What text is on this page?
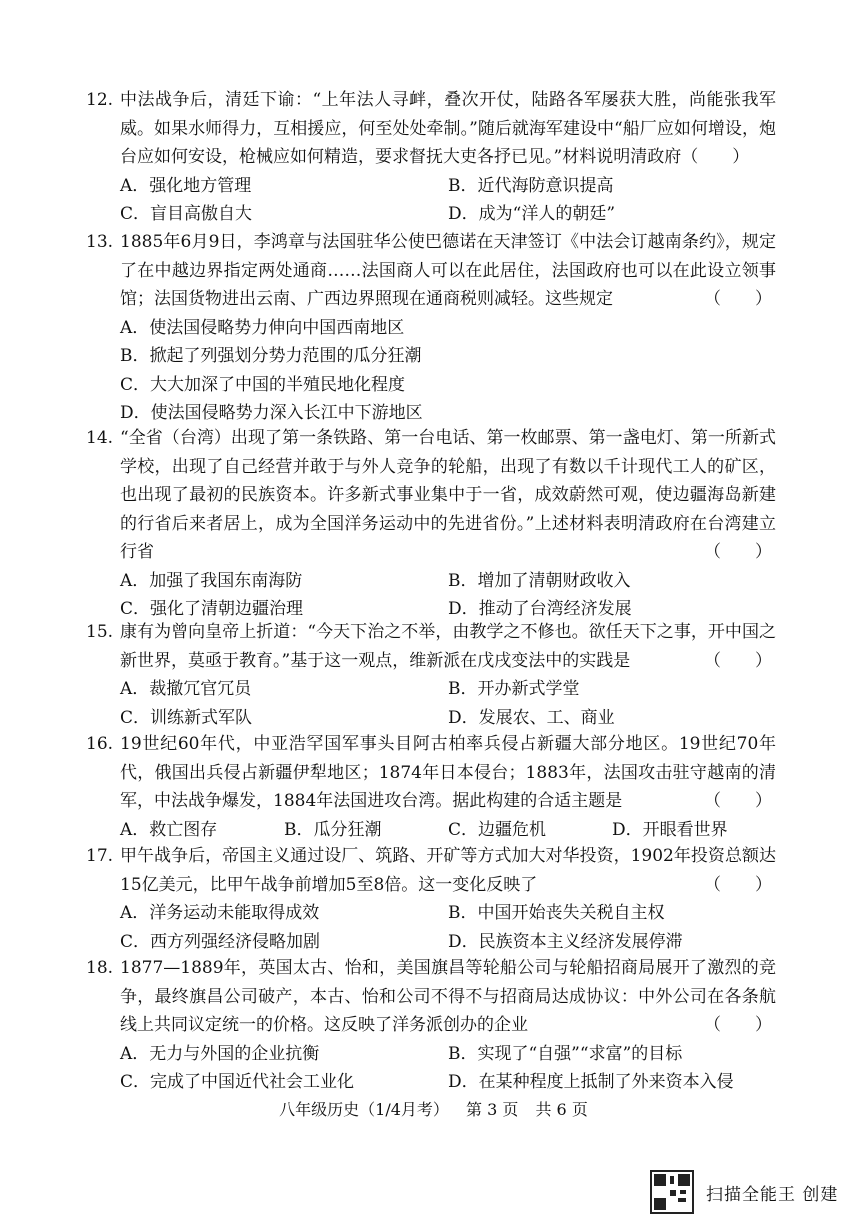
12. 中法战争后，清廷下谕：“上年法人寻衅，叠次开仗，陆路各军屡获大胜，尚能张我军威。如果水师得力，互相援应，何至处处牵制。”随后就海军建设中“船厂应如何增设，炮台应如何安设，枪械应如何精造，要求督抚大吏各抒已见。”材料说明清政府（　　）
A．强化地方管理	B．近代海防意识提高
C．盲目高傲自大	D．成为“洋人的朝廷”
13. 1885年6月9日，李鸿章与法国驻华公使巴德诺在天津签订《中法会订越南条约》，规定了在中越边界指定两处通商……法国商人可以在此居住，法国政府也可以在此设立领事馆；法国货物进出云南、广西边界照现在通商税则减轻。这些规定	（　　）
A．使法国侵略势力伸向中国西南地区
B．掀起了列强划分势力范围的瓜分狂潮
C．大大加深了中国的半殖民地化程度
D．使法国侵略势力深入长江中下游地区
14. “全省（台湾）出现了第一条铁路、第一台电话、第一枚邮票、第一盏电灯、第一所新式学校，出现了自己经营并敢于与外人竞争的轮船，出现了有数以千计现代工人的矿区，也出现了最初的民族资本。许多新式事业集中于一省，成效蔚然可观，使边疆海岛新建的行省后来者居上，成为全国洋务运动中的先进省份。”上述材料表明清政府在台湾建立行省	（　　）
A．加强了我国东南海防	B．增加了清朝财政收入
C．强化了清朝边疆治理	D．推动了台湾经济发展
15. 康有为曾向皇帝上折道：“今天下治之不举，由教学之不修也。欲任天下之事，开中国之新世界，莫亟于教育。”基于这一观点，维新派在戊戌变法中的实践是	（　　）
A．裁撤冗官冗员	B．开办新式学堂
C．训练新式军队	D．发展农、工、商业
16. 19世纪60年代，中亚浩罕国军事头目阿古柏率兵侵占新疆大部分地区。19世纪70年代，俄国出兵侵占新疆伊犁地区；1874年日本侵台；1883年，法国攻击驻守越南的清军，中法战争爆发，1884年法国进攻台湾。据此构建的合适主题是	（　　）
A．救亡图存	B．瓜分狂潮	C．边疆危机	D．开眼看世界
17. 甲午战争后，帝国主义通过设厂、筑路、开矿等方式加大对华投资，1902年投资总额达15亿美元，比甲午战争前增加5至8倍。这一变化反映了	（　　）
A．洋务运动未能取得成效	B．中国开始丧失关税自主权
C．西方列强经济侵略加剧	D．民族资本主义经济发展停滞
18. 1877—1889年，英国太古、怡和，美国旗昌等轮船公司与轮船招商局展开了激烈的竞争，最终旗昌公司破产，本古、怡和公司不得不与招商局达成协议：中外公司在各条航线上共同议定统一的价格。这反映了洋务派创办的企业	（　　）
A．无力与外国的企业抗衡	B．实现了“自强”“求富”的目标
C．完成了中国近代社会工业化	D．在某种程度上抵制了外来资本入侵
八年级历史（1/4月考） 第 3 页 共 6 页
扫描全能王 创建
